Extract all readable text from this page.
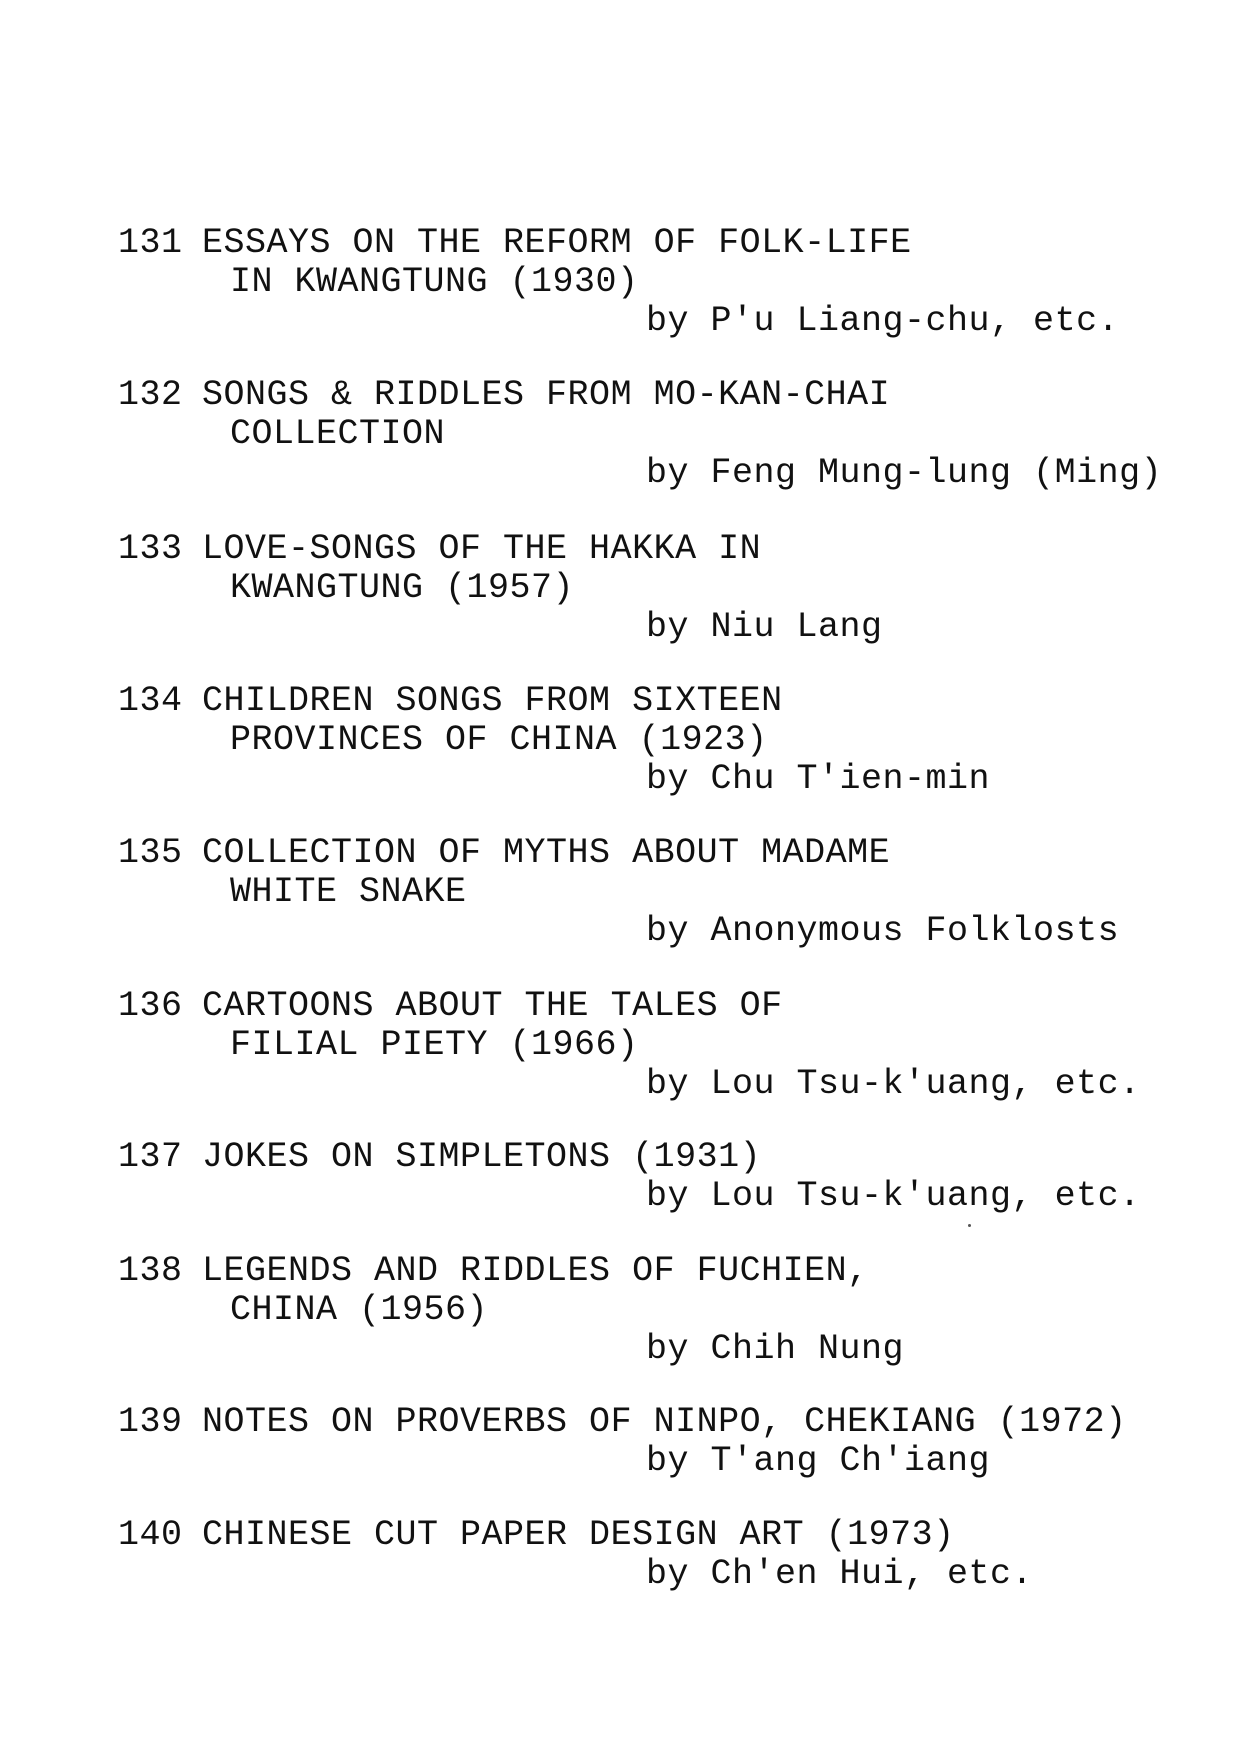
131 ESSAYS ON THE REFORM OF FOLK-LIFE
IN KWANGTUNG (1930)
by P'u Liang-chu, etc.
132 SONGS & RIDDLES FROM MO-KAN-CHAI
COLLECTION
by Feng Mung-lung (Ming)
133 LOVE-SONGS OF THE HAKKA IN
KWANGTUNG (1957)
by Niu Lang
134 CHILDREN SONGS FROM SIXTEEN
PROVINCES OF CHINA (1923)
by Chu T'ien-min
135 COLLECTION OF MYTHS ABOUT MADAME
WHITE SNAKE
by Anonymous Folklosts
136 CARTOONS ABOUT THE TALES OF
FILIAL PIETY (1966)
by Lou Tsu-k'uang, etc.
137 JOKES ON SIMPLETONS (1931)
by Lou Tsu-k'uang, etc.
138 LEGENDS AND RIDDLES OF FUCHIEN,
CHINA (1956)
by Chih Nung
139 NOTES ON PROVERBS OF NINPO, CHEKIANG (1972)
by T'ang Ch'iang
140 CHINESE CUT PAPER DESIGN ART (1973)
by Ch'en Hui, etc.
